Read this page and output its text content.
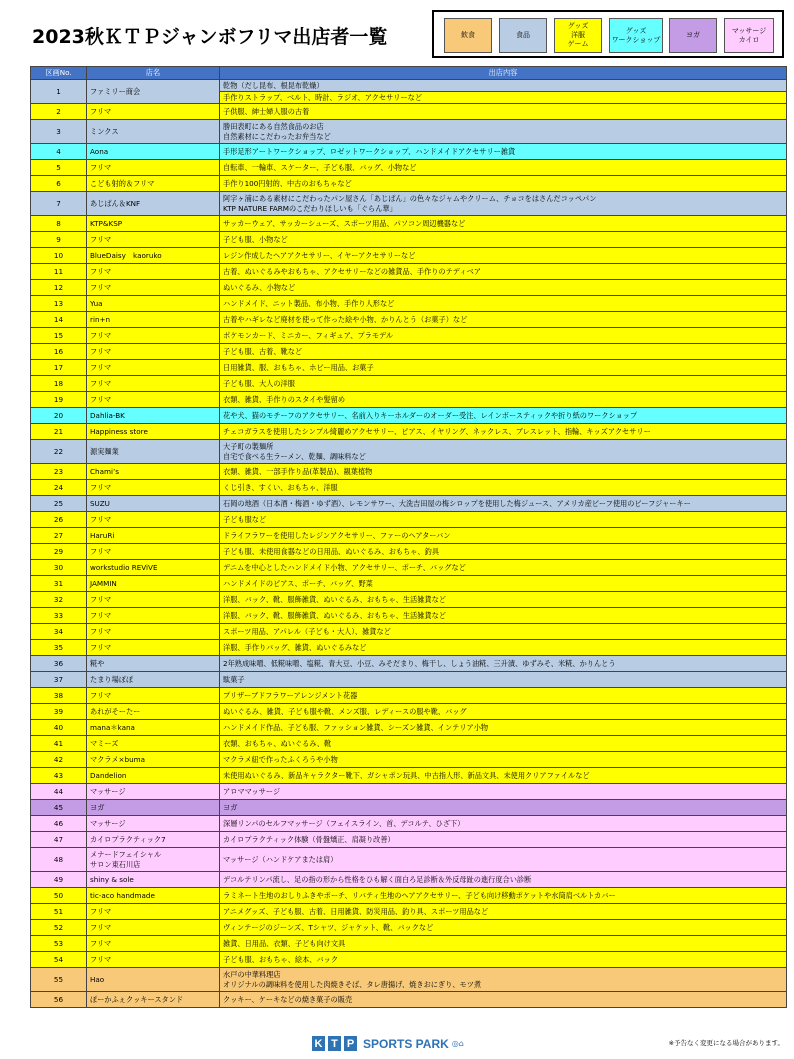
2023秋ＫＴＰジャンボフリマ出店者一覧	飲食	食品
グッズ
洋服
ゲーム
グッズ
ワークショップ
ヨガ
マッサージ
カイロ
区画No.	店名	出店内容
1	ファミリー商会	乾物（だし昆布、根昆布乾燥）
		手作りストラップ、ベルト、時計、ラジオ、アクセサリーなど
2	フリマ	子供服、紳士婦人服の古着
3	ミンクス	勝田表町にある自然食品のお店
自然素材にこだわったお弁当など
4	Aona	手形足形アートワークショップ、ロゼットワークショップ、ハンドメイドアクセサリー雑貨
5	フリマ	自転車、一輪車、スケーター、子ども服、バッグ、小物など
6	こども射的＆フリマ	手作り100円射的、中古のおもちゃなど
7	あじぱん＆KNF	阿字ヶ浦にある素材にこだわったパン屋さん「あじぱん」の色々なジャムやクリーム、チョコをはさんだコッペパン
KTP NATURE FARMのこだわりほしいも「ぐらん華」
8	KTP&KSP	サッカーウェア、サッカーシューズ、スポーツ用品、パソコン周辺機器など
9	フリマ	子ども服、小物など
10	BlueDaisy　kaoruko	レジン作成したヘアアクセサリー、イヤーアクセサリーなど
11	フリマ	古着、ぬいぐるみやおもちゃ、アクセサリーなどの雑貨品、手作りのテディベア
12	フリマ	ぬいぐるみ、小物など
13	Yua	ハンドメイド、ニット製品、布小物、手作り人形など
14	rin+n	古着やハギレなど廃材を使って作った絵や小物、かりんとう（お菓子）など
15	フリマ	ポケモンカード、ミニカー、フィギュア、プラモデル
16	フリマ	子ども服、古着、靴など
17	フリマ	日用雑貨、服、おもちゃ、ホビー用品、お菓子
18	フリマ	子ども服、大人の洋服
19	フリマ	衣類、雑貨、手作りのスタイや髪留め
20	Dahlia-BK	花や犬、猫のモチーフのアクセサリー、名前入りキーホルダーのオーダー受注、レインボースティックや折り紙のワークショップ
21	Happiness store	チェコガラスを使用したシンプル綺麗めアクセサリー、ピアス、イヤリング、ネックレス、ブレスレット、指輪、キッズアクセサリー
22	源実麺業	大子町の製麺所
自宅で食べる生ラーメン、乾麺、調味料など
23	Chami’s	衣類、雑貨、一部手作り品(革製品)、観葉植物
24	フリマ	くじ引き、すくい、おもちゃ、洋服
25	SUZU	石岡の地酒（日本酒・梅酒・ゆず酒）、レモンサワー、大洗吉田屋の梅シロップを使用した梅ジュース、アメリカ産ビーフ使用のビーフジャーキー
26	フリマ	子ども服など
27	HaruRi	ドライフラワーを使用したレジンアクセサリー、ファーのヘアターバン
29	フリマ	子ども服、未使用食器などの日用品、ぬいぐるみ、おもちゃ、釣具
30	workstudio REViVE	デニムを中心としたハンドメイド小物、アクセサリー、ポーチ、バッグなど
31	JAMMIN	ハンドメイドのピアス、ポーチ、バッグ、野菜
32	フリマ	洋服、バック、靴、服飾雑貨、ぬいぐるみ、おもちゃ、生活雑貨など
33	フリマ	洋服、バック、靴、服飾雑貨、ぬいぐるみ、おもちゃ、生活雑貨など
34	フリマ	スポーツ用品、アパレル（子ども・大人）、雑貨など
35	フリマ	洋服、手作りバッグ、雑貨、ぬいぐるみなど
36	糀や	2年熟成味噌、低糀味噌、塩糀、青大豆、小豆、みそだまり、梅干し、しょう油糀、三升漬、ゆずみそ、米糀、かりんとう
37	たまり場ぽぽ	駄菓子
38	フリマ	プリザーブドフラワーアレンジメント花器
39	あれがそーたー	ぬいぐるみ、雑貨、子ども服や靴、メンズ服、レディースの服や靴、バッグ
40	mana＊kana	ハンドメイド作品、子ども服、ファッション雑貨、シーズン雑貨、インテリア小物
41	マミーズ	衣類、おもちゃ、ぬいぐるみ、靴
42	マクラメ×buma	マクラメ紐で作ったふくろうや小物
43	Dandelion	未使用ぬいぐるみ、新品キャラクター靴下、ガシャポン玩具、中古指人形、新品文具、未使用クリアファイルなど
44	マッサージ	アロママッサージ
45	ヨガ	ヨガ
46	マッサージ	深層リンパのセルフマッサージ（フェイスライン、首、デコルテ、ひざ下）
47	カイロプラクティック7	カイロプラクティック体験（骨盤矯正、肩凝り改善）
48	メナードフェイシャル
サロン東石川店	マッサージ（ハンドケアまたは肩）
49	shiny & sole	デコルテリンパ流し、足の指の形から性格をひも解く面白ろ足診断＆外反母趾の進行度合い診断
50	tic-aco handmade	ラミネート生地のおしりふきやポーチ、リバティ生地のヘアアクセサリー、子ども向け移動ポケットや水筒肩ベルトカバー
51	フリマ	アニメグッズ、子ども服、古着、日用雑貨、防災用品、釣り具、スポーツ用品など
52	フリマ	ヴィンテージのジーンズ、Tシャツ、ジャケット、靴、バックなど
53	フリマ	雑貨、日用品、衣類、子ども向け文具
54	フリマ	子ども服、おもちゃ、絵本、バック
55	Hao	水戸の中華料理店
オリジナルの調味料を使用した肉焼きそば、タレ唐揚げ、焼きおにぎり、モツ煮
56	ぽーかふぇクッキースタンド	クッキー、ケーキなどの焼き菓子の販売
K T P SPORTS PARK ◎⌂	※予告なく変更になる場合があります。
